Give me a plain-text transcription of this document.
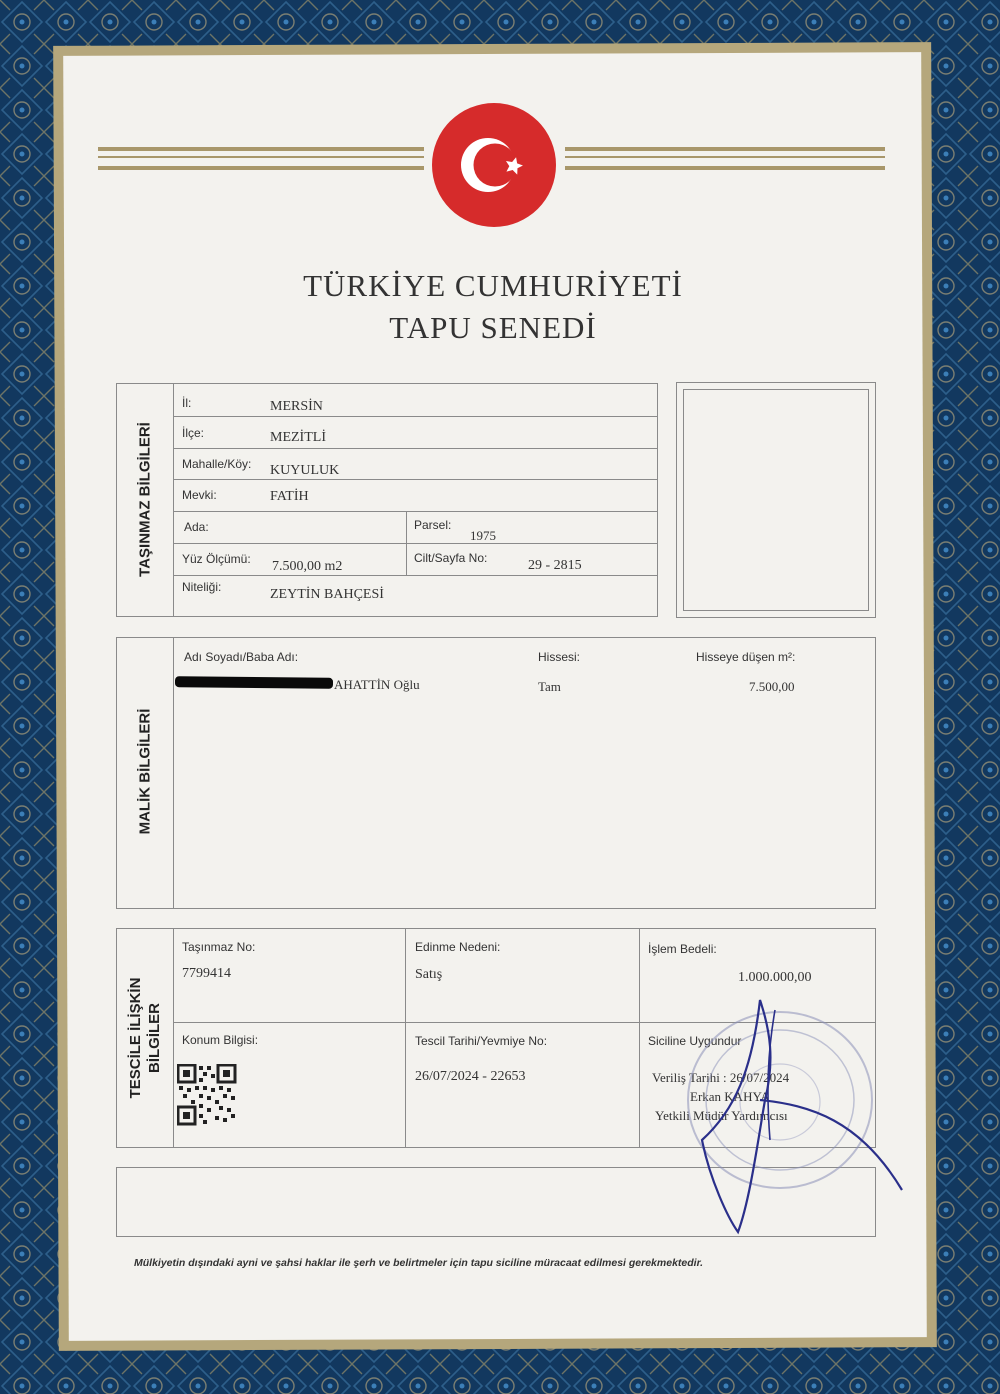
TÜRKİYE CUMHURİYETİ
TAPU SENEDİ
TAŞINMAZ BİLGİLERİ
İl:	MERSİN
İlçe:	MEZİTLİ
Mahalle/Köy: KUYULUK
Mevki:	FATİH
Ada:	Parsel:
1975
Yüz Ölçümü: 7.500,00 m2
Cilt/Sayfa No:	29 - 2815
Niteliği:	ZEYTİN BAHÇESİ
MALİK BİLGİLERİ
Adı Soyadı/Baba Adı:	Hissesi:	Hisseye düşen m²:
AHATTİN Oğlu	Tam	7.500,00
TESCİLE İLİŞKİN BİLGİLER
Taşınmaz No:
7799414
Edinme Nedeni:
Satış
İşlem Bedeli:
1.000.000,00
Konum Bilgisi:	Tescil Tarihi/Yevmiye No:
26/07/2024 - 22653
Siciline Uygundur
Veriliş Tarihi : 26/07/2024
Erkan KAHYA
Yetkili Müdür Yardımcısı
Mülkiyetin dışındaki ayni ve şahsi haklar ile şerh ve belirtmeler için tapu siciline müracaat edilmesi gerekmektedir.
